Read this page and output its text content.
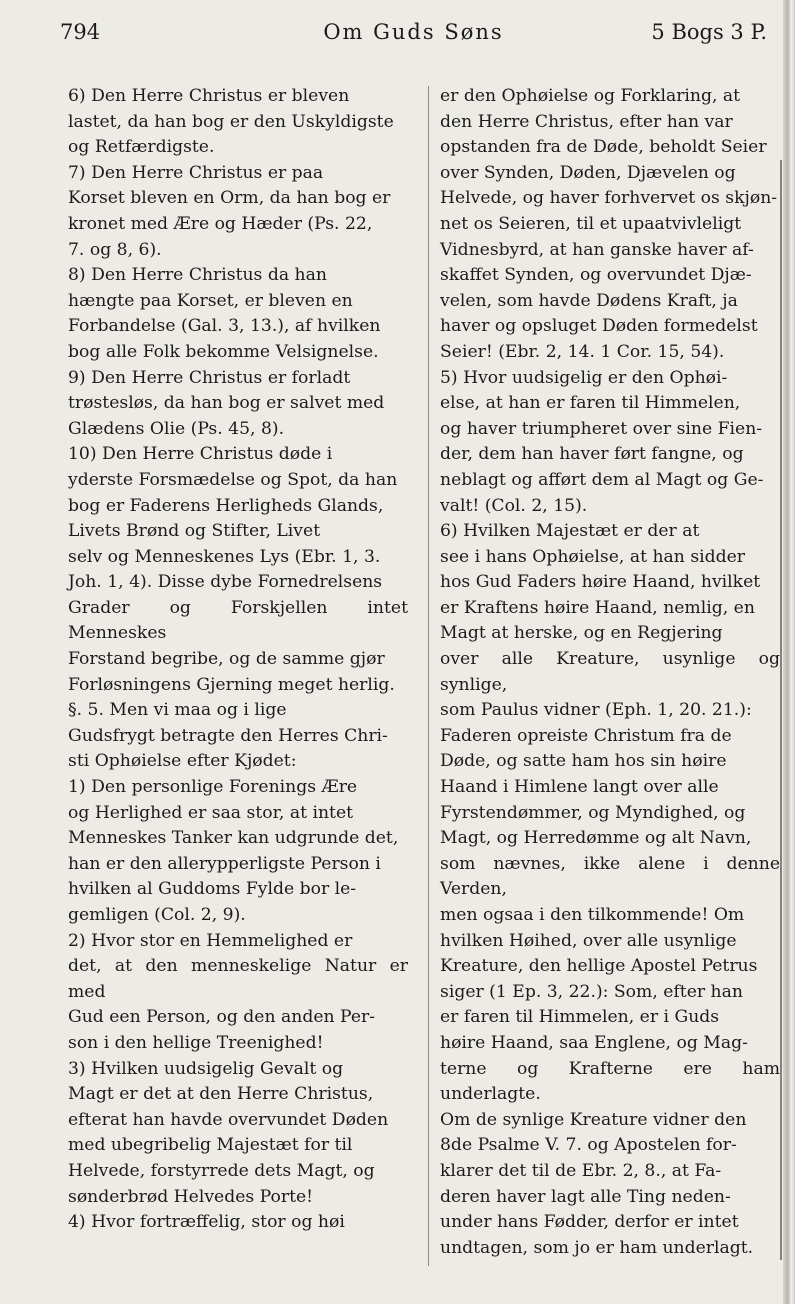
794	Om Guds Søns	5 Bogs 3 P.

6) Den Herre Christus er bleven

lastet, da han bog er den Uskyldigste

og Retfærdigste.

7) Den Herre Christus er paa

Korset bleven en Orm, da han bog er

kronet med Ære og Hæder (Ps. 22,

7. og 8, 6).

8) Den Herre Christus da han

hængte paa Korset, er bleven en

Forbandelse (Gal. 3, 13.), af hvilken

bog alle Folk bekomme Velsignelse.

9) Den Herre Christus er forladt

trøstesløs, da han bog er salvet med

Glædens Olie (Ps. 45, 8).

10) Den Herre Christus døde i

yderste Forsmædelse og Spot, da han

bog er Faderens Herligheds Glands,

Livets Brønd og Stifter, Livet

selv og Menneskenes Lys (Ebr. 1, 3.

Joh. 1, 4). Disse dybe Fornedrelsens

Grader og Forskjellen intet Menneskes

Forstand begribe, og de samme gjør

Forløsningens Gjerning meget herlig.

§. 5. Men vi maa og i lige

Gudsfrygt betragte den Herres Chri-

sti Ophøielse efter Kjødet:

1) Den personlige Forenings Ære

og Herlighed er saa stor, at intet

Menneskes Tanker kan udgrunde det,

han er den allerypperligste Person i

hvilken al Guddoms Fylde bor le-

gemligen (Col. 2, 9).

2) Hvor stor en Hemmelighed er

det, at den menneskelige Natur er med

Gud een Person, og den anden Per-

son i den hellige Treenighed!

3) Hvilken uudsigelig Gevalt og

Magt er det at den Herre Christus,

efterat han havde overvundet Døden

med ubegribelig Majestæt for til

Helvede, forstyrrede dets Magt, og

sønderbrød Helvedes Porte!

4) Hvor fortræffelig, stor og høi

er den Ophøielse og Forklaring, at

den Herre Christus, efter han var

opstanden fra de Døde, beholdt Seier

over Synden, Døden, Djævelen og

Helvede, og haver forhvervet os skjøn-

net os Seieren, til et upaatvivleligt

Vidnesbyrd, at han ganske haver af-

skaffet Synden, og overvundet Djæ-

velen, som havde Dødens Kraft, ja

haver og opsluget Døden formedelst

Seier! (Ebr. 2, 14. 1 Cor. 15, 54).

5) Hvor uudsigelig er den Ophøi-

else, at han er faren til Himmelen,

og haver triumpheret over sine Fien-

der, dem han haver ført fangne, og

neblagt og afført dem al Magt og Ge-

valt! (Col. 2, 15).

6) Hvilken Majestæt er der at

see i hans Ophøielse, at han sidder

hos Gud Faders høire Haand, hvilket

er Kraftens høire Haand, nemlig, en

Magt at herske, og en Regjering

over alle Kreature, usynlige og synlige,

som Paulus vidner (Eph. 1, 20. 21.):

Faderen opreiste Christum fra de

Døde, og satte ham hos sin høire

Haand i Himlene langt over alle

Fyrstendømmer, og Myndighed, og

Magt, og Herredømme og alt Navn,

som nævnes, ikke alene i denne Verden,

men ogsaa i den tilkommende! Om

hvilken Høihed, over alle usynlige

Kreature, den hellige Apostel Petrus

siger (1 Ep. 3, 22.): Som, efter han

er faren til Himmelen, er i Guds

høire Haand, saa Englene, og Mag-

terne og Krafterne ere ham underlagte.

Om de synlige Kreature vidner den

8de Psalme V. 7. og Apostelen for-

klarer det til de Ebr. 2, 8., at Fa-

deren haver lagt alle Ting neden-

under hans Fødder, derfor er intet

undtagen, som jo er ham underlagt.
